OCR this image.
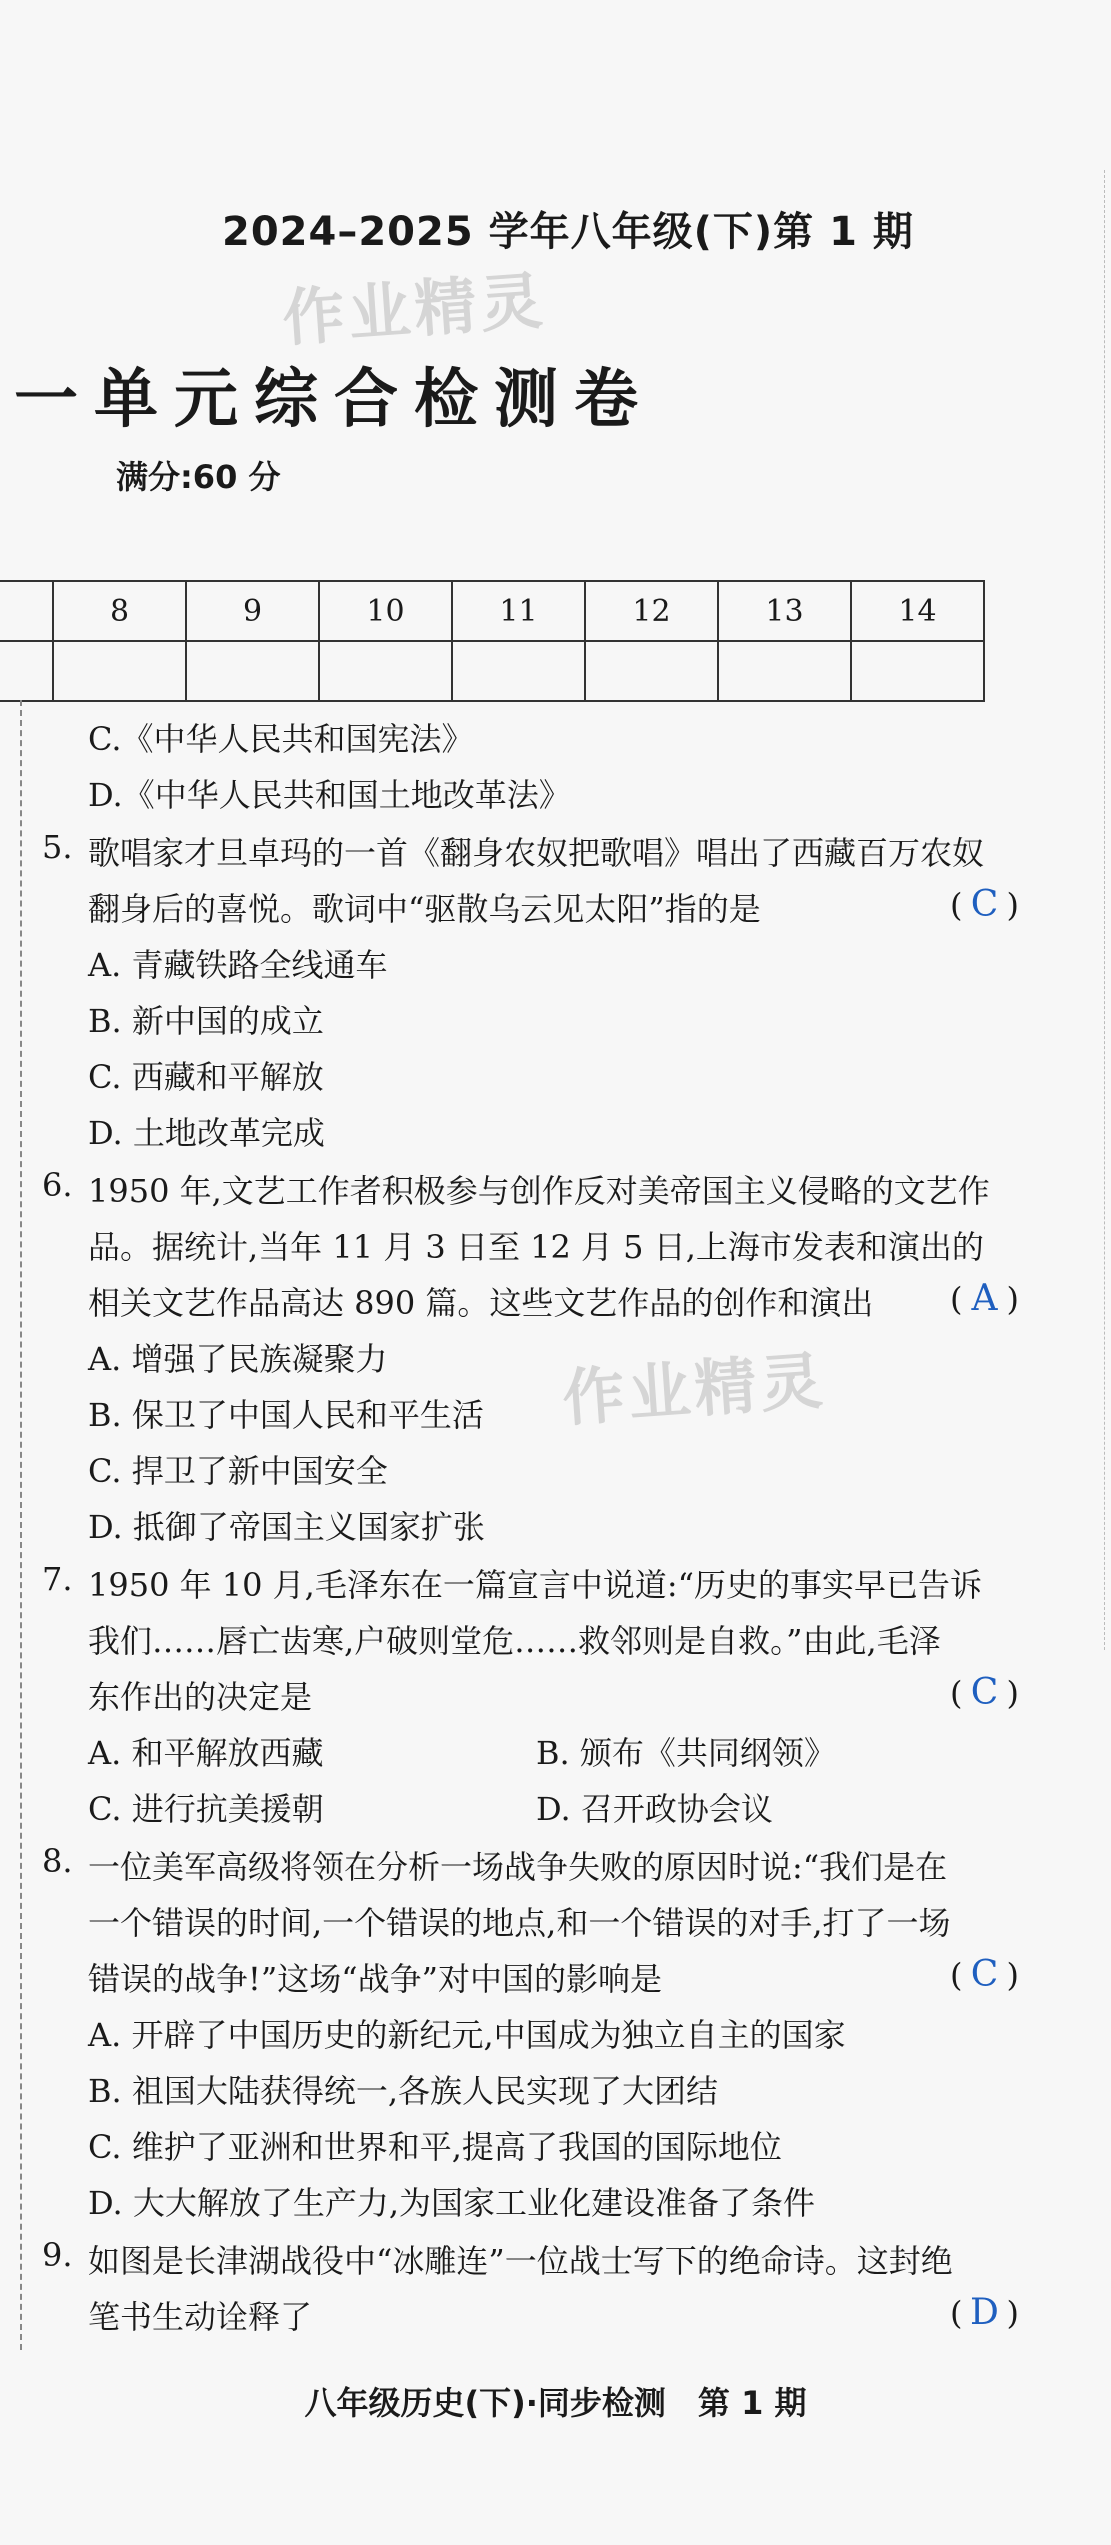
2024–2025 学年八年级(下)第 1 期
作业精灵
一单元综合检测卷
满分:60 分
	8	9	10	11	12	13	14

作业精灵
C.《中华人民共和国宪法》
D.《中华人民共和国土地改革法》
5. 歌唱家才旦卓玛的一首《翻身农奴把歌唱》唱出了西藏百万农奴
翻身后的喜悦。歌词中“驱散乌云见太阳”指的是	( C )
A. 青藏铁路全线通车
B. 新中国的成立
C. 西藏和平解放
D. 土地改革完成
6. 1950 年,文艺工作者积极参与创作反对美帝国主义侵略的文艺作
品。据统计,当年 11 月 3 日至 12 月 5 日,上海市发表和演出的
相关文艺作品高达 890 篇。这些文艺作品的创作和演出 ( A )
A. 增强了民族凝聚力
B. 保卫了中国人民和平生活
C. 捍卫了新中国安全
D. 抵御了帝国主义国家扩张
7. 1950 年 10 月,毛泽东在一篇宣言中说道:“历史的事实早已告诉
我们……唇亡齿寒,户破则堂危……救邻则是自救。”由此,毛泽
东作出的决定是	( C )
A. 和平解放西藏	B. 颁布《共同纲领》
C. 进行抗美援朝	D. 召开政协会议
8. 一位美军高级将领在分析一场战争失败的原因时说:“我们是在
一个错误的时间,一个错误的地点,和一个错误的对手,打了一场
错误的战争!”这场“战争”对中国的影响是	( C )
A. 开辟了中国历史的新纪元,中国成为独立自主的国家
B. 祖国大陆获得统一,各族人民实现了大团结
C. 维护了亚洲和世界和平,提高了我国的国际地位
D. 大大解放了生产力,为国家工业化建设准备了条件
9. 如图是长津湖战役中“冰雕连”一位战士写下的绝命诗。这封绝
笔书生动诠释了	( D )
八年级历史(下)·同步检测　第 1 期
